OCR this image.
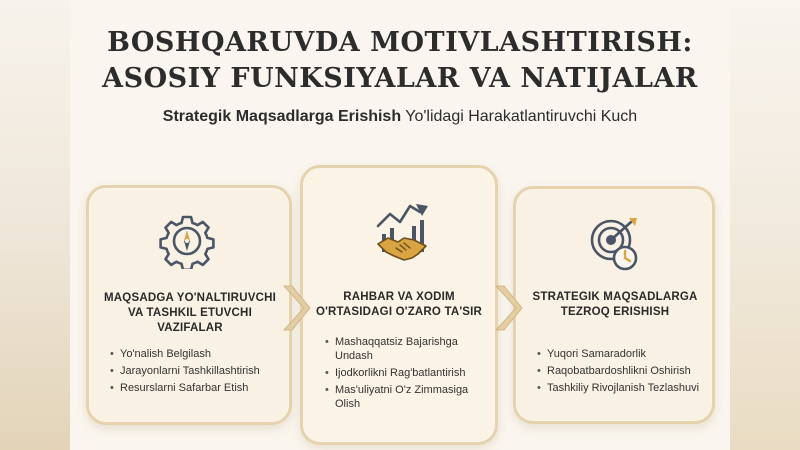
BOSHQARUVDA MOTIVLASHTIRISH:
ASOSIY FUNKSIYALAR VA NATIJALAR
Strategik Maqsadlarga Erishish Yo'lidagi Harakatlantiruvchi Kuch
MAQSADGA YO'NALTIRUVCHI
VA TASHKIL ETUVCHI
VAZIFALAR
RAHBAR VA XODIM
O'RTASIDAGI O'ZARO TA'SIR
STRATEGIK MAQSADLARGA
TEZROQ ERISHISH
• Yo'nalish Belgilash
• Jarayonlarni Tashkillashtirish
• Resurslarni Safarbar Etish
• Mashaqqatsiz Bajarishga Undash
• Ijodkorlikni Rag'batlantirish
• Mas'uliyatni O'z Zimmasiga Olish
• Yuqori Samaradorlik
• Raqobatbardoshlikni Oshirish
• Tashkiliy Rivojlanish Tezlashuvi
